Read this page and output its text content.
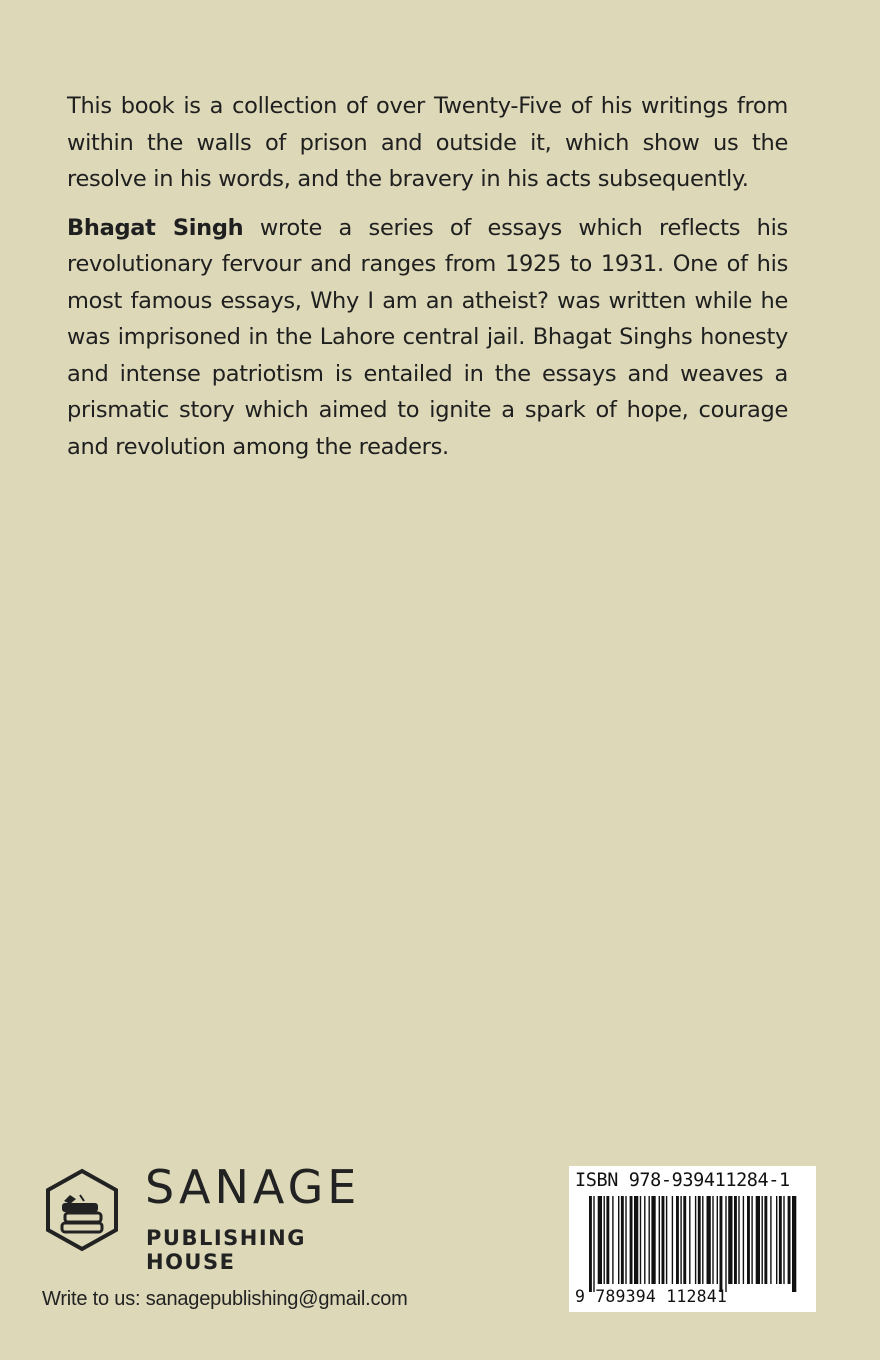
This book is a collection of over Twenty-Five of his writings from within the walls of prison and outside it, which show us the resolve in his words, and the bravery in his acts subsequently.

Bhagat Singh wrote a series of essays which reflects his revolutionary fervour and ranges from 1925 to 1931. One of his most famous essays, Why I am an atheist? was written while he was imprisoned in the Lahore central jail. Bhagat Singhs honesty and intense patriotism is entailed in the essays and weaves a prismatic story which aimed to ignite a spark of hope, courage and revolution among the readers.

SANAGE
PUBLISHING HOUSE
Write to us: sanagepublishing@gmail.com
ISBN 978-939411284-1
9 789394 112841
